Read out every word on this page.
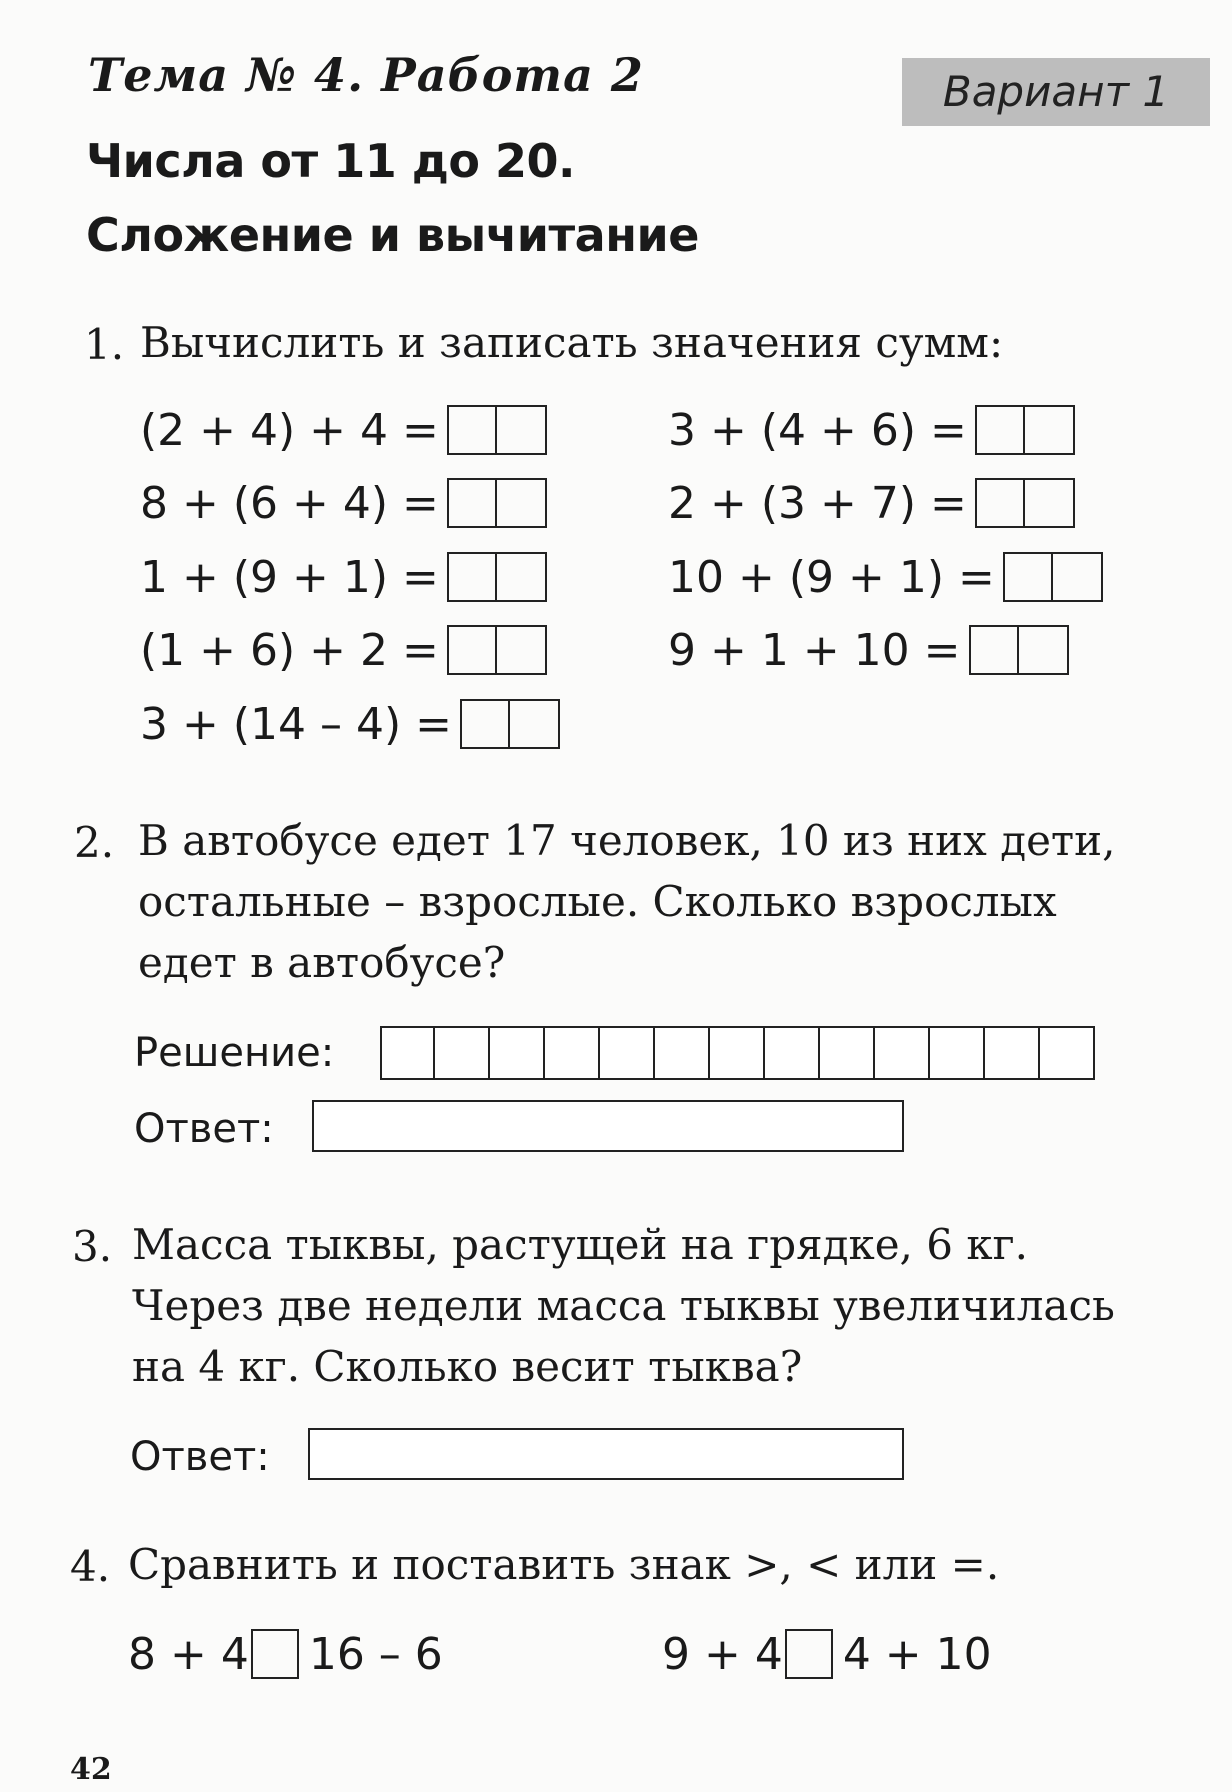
Тема № 4. Работа 2	Вариант 1
Числа от 11 до 20.
Сложение и вычитание
1. Вычислить и записать значения сумм:
(2 + 4) + 4 =
8 + (6 + 4) =
1 + (9 + 1) =
(1 + 6) + 2 =
3 + (14 – 4) =
3 + (4 + 6) =
2 + (3 + 7) =
10 + (9 + 1) =
9 + 1 + 10 =
2. В автобусе едет 17 человек, 10 из них дети,
остальные – взрослые. Сколько взрослых
едет в автобусе?
Решение:
Ответ:
3. Масса тыквы, растущей на грядке, 6 кг.
Через две недели масса тыквы увеличилась
на 4 кг. Сколько весит тыква?
Ответ:
4. Сравнить и поставить знак >, < или =.
8 + 4 16 – 6	9 + 4 4 + 10
42
